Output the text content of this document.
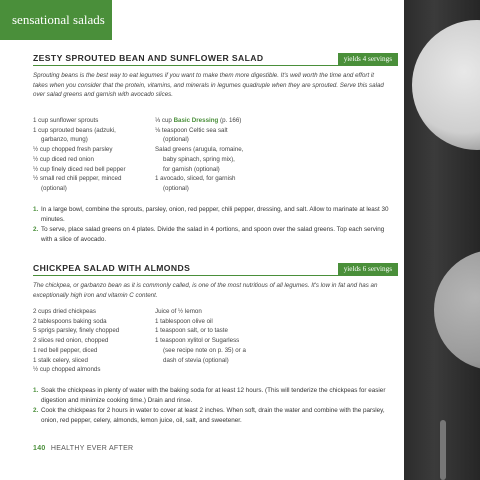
sensational salads
ZESTY SPROUTED BEAN AND SUNFLOWER SALAD	yields 4 servings

Sprouting beans is the best way to eat legumes if you want to make them more digestible. It's well worth the time and effort it takes when you consider that the protein, vitamins, and minerals in legumes quadruple when they are sprouted. Serve this salad over salad greens and garnish with avocado slices.

1 cup sunflower sprouts
1 cup sprouted beans (adzuki,
garbanzo, mung)
½ cup chopped fresh parsley
½ cup diced red onion
½ cup finely diced red bell pepper
½ small red chili pepper, minced
(optional)
⅓ cup Basic Dressing (p. 166)
⅛ teaspoon Celtic sea salt
(optional)
Salad greens (arugula, romaine,
baby spinach, spring mix),
for garnish (optional)
1 avocado, sliced, for garnish
(optional)
1. In a large bowl, combine the sprouts, parsley, onion, red pepper, chili pepper, dressing, and salt. Allow to marinate at least 30 minutes.
2. To serve, place salad greens on 4 plates. Divide the salad in 4 portions, and spoon over the salad greens. Top each serving with a slice of avocado.
CHICKPEA SALAD WITH ALMONDS	yields 6 servings

The chickpea, or garbanzo bean as it is commonly called, is one of the most nutritious of all legumes. It's low in fat and has an exceptionally high iron and vitamin C content.

2 cups dried chickpeas
2 tablespoons baking soda
5 sprigs parsley, finely chopped
2 slices red onion, chopped
1 red bell pepper, diced
1 stalk celery, sliced
½ cup chopped almonds
Juice of ½ lemon
1 tablespoon olive oil
1 teaspoon salt, or to taste
1 teaspoon xylitol or Sugarless
(see recipe note on p. 35) or a
dash of stevia (optional)
1. Soak the chickpeas in plenty of water with the baking soda for at least 12 hours. (This will tenderize the chickpeas for easier digestion and minimize cooking time.) Drain and rinse.
2. Cook the chickpeas for 2 hours in water to cover at least 2 inches. When soft, drain the water and combine with the parsley, onion, red pepper, celery, almonds, lemon juice, oil, salt, and sweetener.
140 HEALTHY EVER AFTER
